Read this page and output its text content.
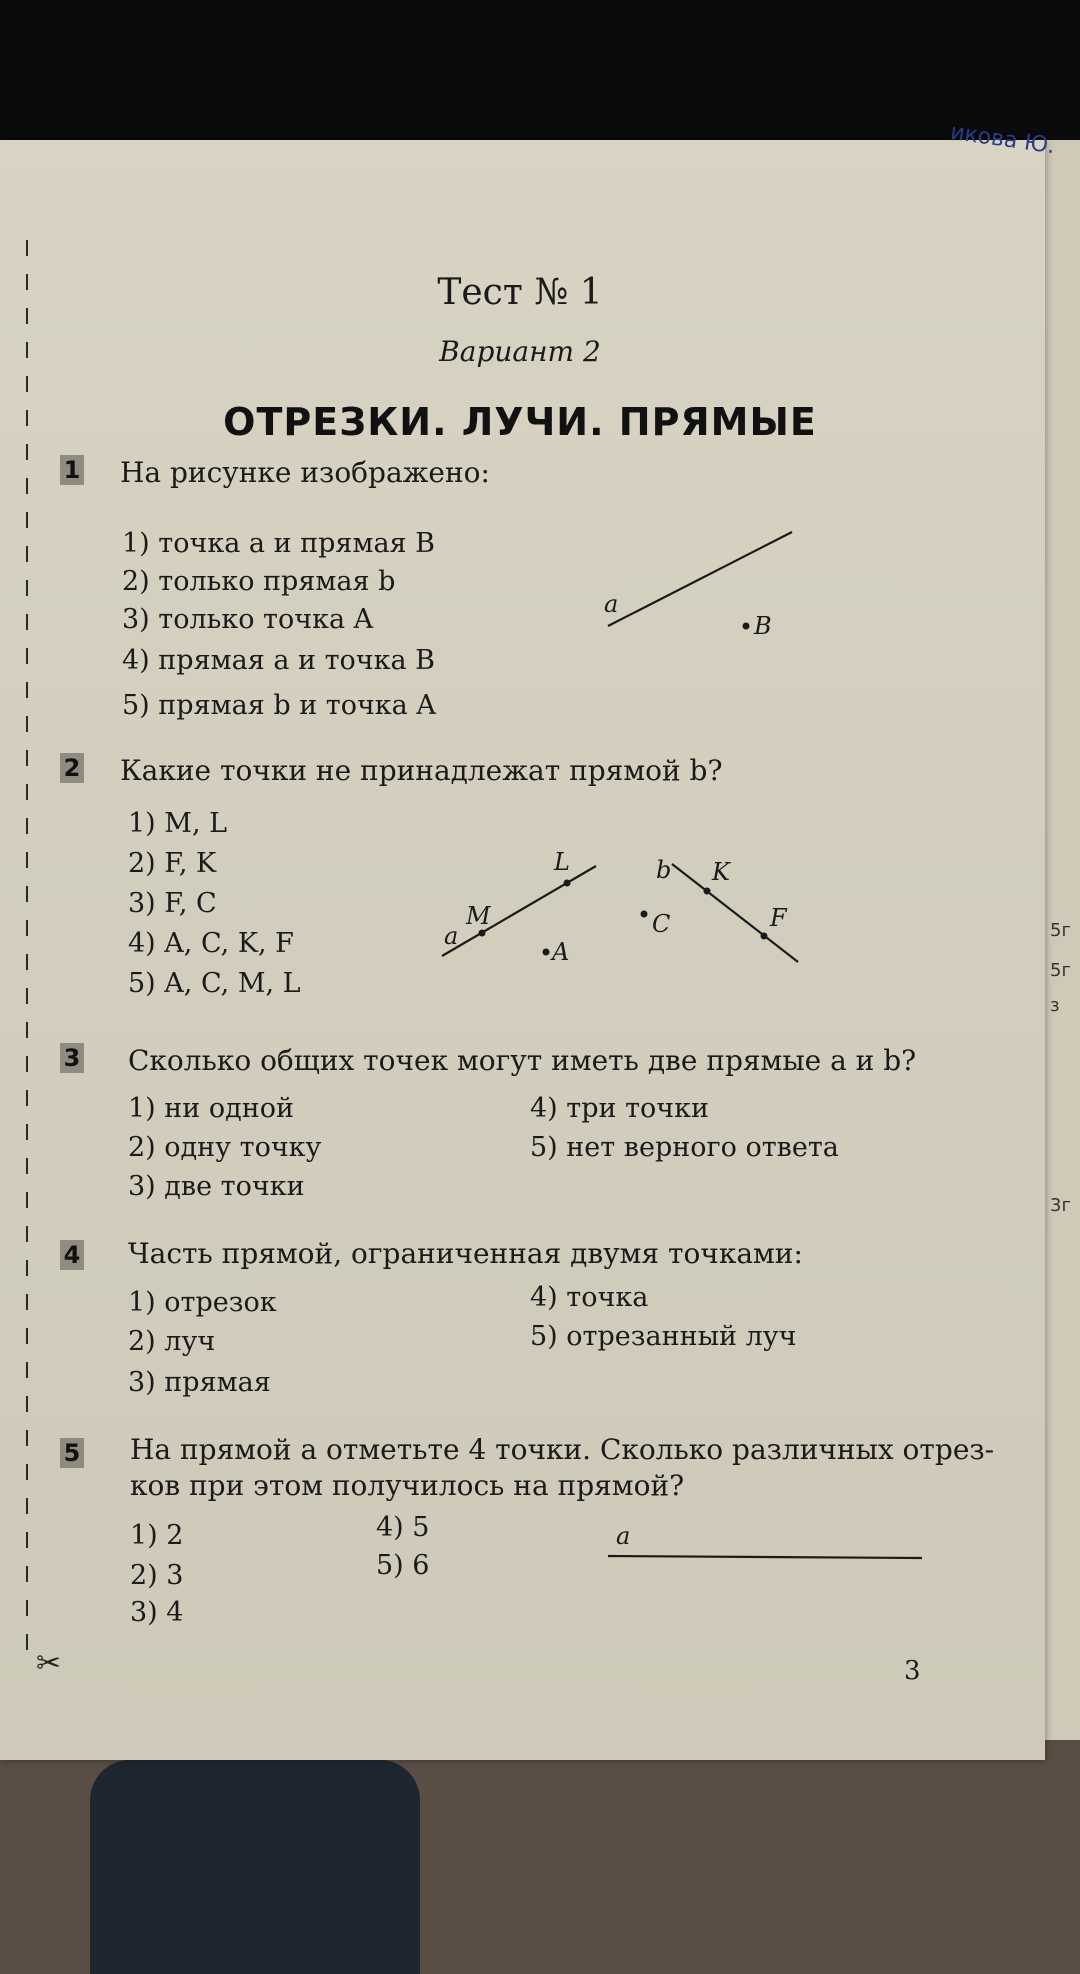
✂
икова Ю.
5г
5г
з
3г
Тест № 1
Вариант 2
ОТРЕЗКИ. ЛУЧИ. ПРЯМЫЕ
1 На рисунке изображено:
1) точка a и прямая B
2) только прямая b
3) только точка A
4) прямая a и точка B
5) прямая b и точка A
a
B
2 Какие точки не принадлежат прямой b?
1) M, L
2) F, K
3) F, C
4) A, C, K, F
5) A, C, M, L
a
M
L
A
b K
F
C
3 Сколько общих точек могут иметь две прямые a и b?
1) ни одной
2) одну точку
3) две точки
4) три точки
5) нет верного ответа
4 Часть прямой, ограниченная двумя точками:
1) отрезок
2) луч
3) прямая
4) точка
5) отрезанный луч
5 На прямой a отметьте 4 точки. Сколько различных отрез-
ков при этом получилось на прямой?
1) 2
2) 3
3) 4
4) 5
5) 6
a
3
